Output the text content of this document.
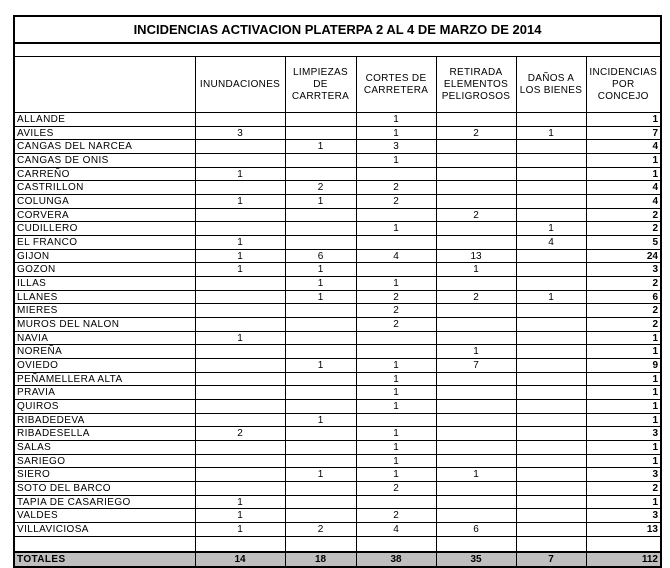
INCIDENCIAS ACTIVACION PLATERPA 2 AL 4 DE MARZO DE 2014						

	INUNDACIONES	LIMPIEZAS DE CARRTERA	CORTES DE CARRETERA	RETIRADA ELEMENTOS PELIGROSOS	DAÑOS A LOS BIENES	INCIDENCIAS POR CONCEJO
ALLANDE			1			1
AVILES	3		1	2	1	7
CANGAS DEL NARCEA		1	3			4
CANGAS DE ONIS			1			1
CARREÑO	1					1
CASTRILLON		2	2			4
COLUNGA	1	1	2			4
CORVERA				2		2
CUDILLERO			1		1	2
EL FRANCO	1				4	5
GIJON	1	6	4	13		24
GOZON	1	1		1		3
ILLAS		1	1			2
LLANES		1	2	2	1	6
MIERES			2			2
MUROS DEL NALON			2			2
NAVIA	1					1
NOREÑA				1		1
OVIEDO		1	1	7		9
PEÑAMELLERA ALTA			1			1
PRAVIA			1			1
QUIROS			1			1
RIBADEDEVA		1				1
RIBADESELLA	2		1			3
SALAS			1			1
SARIEGO			1			1
SIERO		1	1	1		3
SOTO DEL BARCO			2			2
TAPIA DE CASARIEGO	1					1
VALDES	1		2			3
VILLAVICIOSA	1	2	4	6		13

TOTALES	14	18	38	35	7	112
